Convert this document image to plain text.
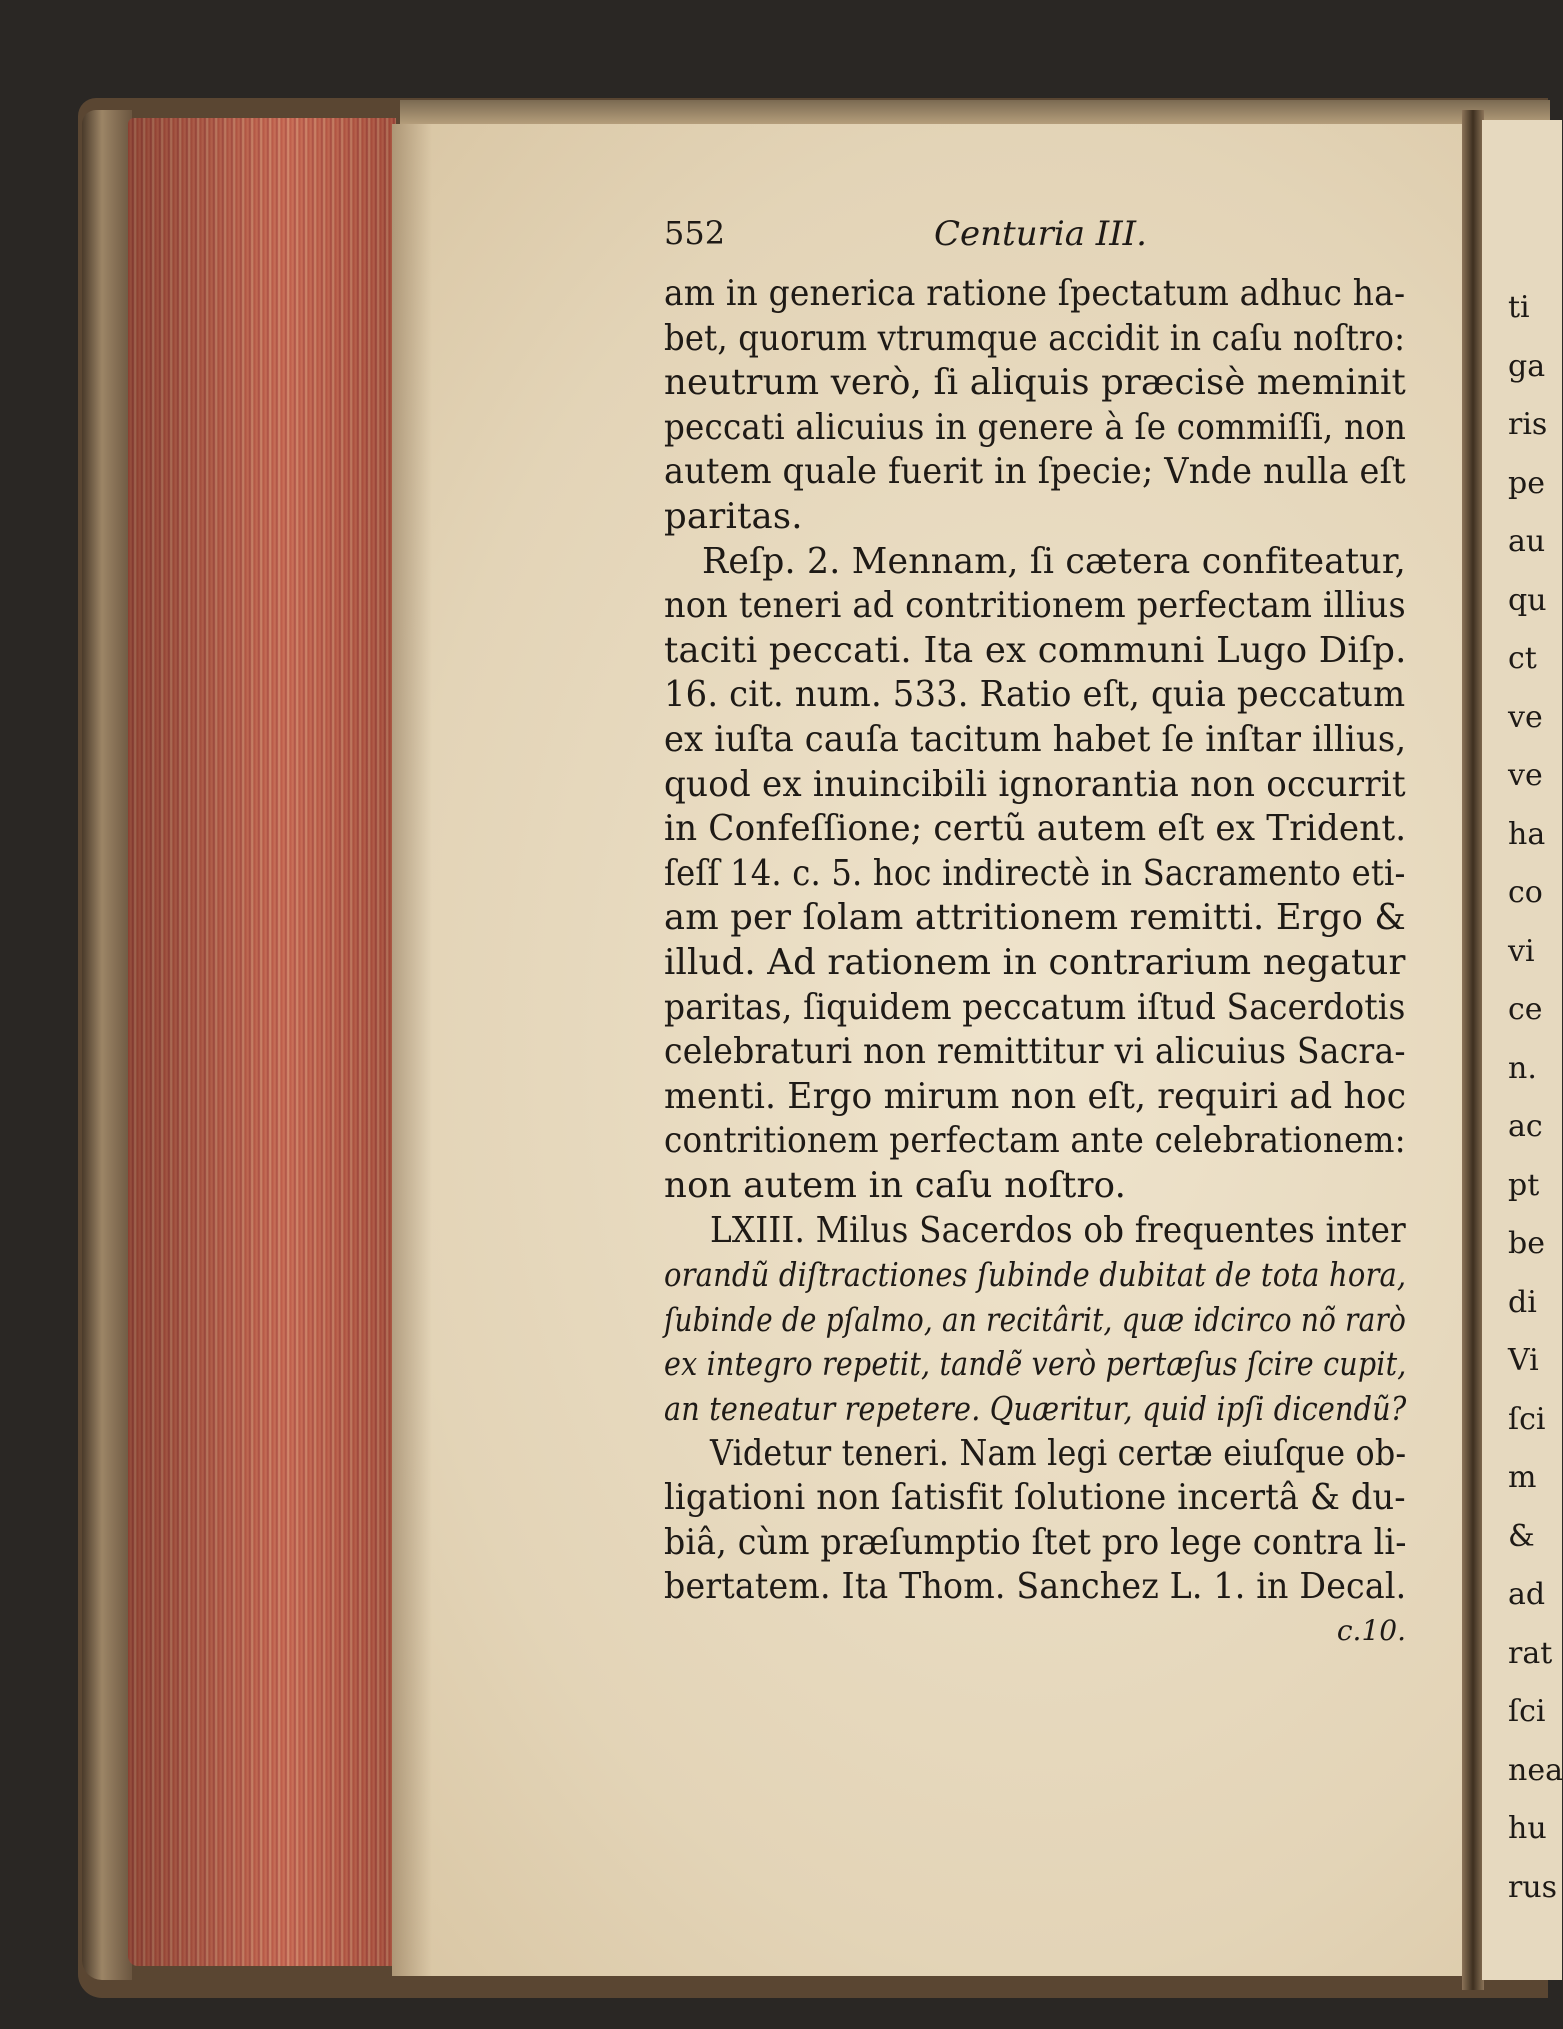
552	Centuria III.
am in generica ratione ſpectatum adhuc ha-
bet, quorum vtrumque accidit in caſu noſtro:
neutrum verò, ſi aliquis præcisè meminit
peccati alicuius in genere à ſe commiſſi, non
autem quale fuerit in ſpecie; Vnde nulla eſt
paritas.
Reſp. 2. Mennam, ſi cætera confiteatur,
non teneri ad contritionem perfectam illius
taciti peccati. Ita ex communi Lugo Diſp.
16. cit. num. 533. Ratio eſt, quia peccatum
ex iuſta cauſa tacitum habet ſe inſtar illius,
quod ex inuincibili ignorantia non occurrit
in Confeſſione; certũ autem eſt ex Trident.
ſeſſ 14. c. 5. hoc indirectè in Sacramento eti-
am per ſolam attritionem remitti. Ergo &
illud. Ad rationem in contrarium negatur
paritas, ſiquidem peccatum iſtud Sacerdotis
celebraturi non remittitur vi alicuius Sacra-
menti. Ergo mirum non eſt, requiri ad hoc
contritionem perfectam ante celebrationem:
non autem in caſu noſtro.
LXIII. Milus Sacerdos ob frequentes inter
orandũ diſtractiones ſubinde dubitat de tota hora,
ſubinde de pſalmo, an recitârit, quæ idcirco nõ rarò
ex integro repetit, tandẽ verò pertæſus ſcire cupit,
an teneatur repetere. Quæritur, quid ipſi dicendũ?
Videtur teneri. Nam legi certæ eiuſque ob-
ligationi non ſatisfit ſolutione incertâ & du-
biâ, cùm præſumptio ſtet pro lege contra li-
bertatem. Ita Thom. Sanchez L. 1. in Decal.
c.10.
ti
ga
ris
pe
au
qu
ct
ve
ve
ha
co
vi
ce
n.
ac
pt
be
di
Vi
ſci
m
&
ad
rat
ſci
nea
hu
rus
